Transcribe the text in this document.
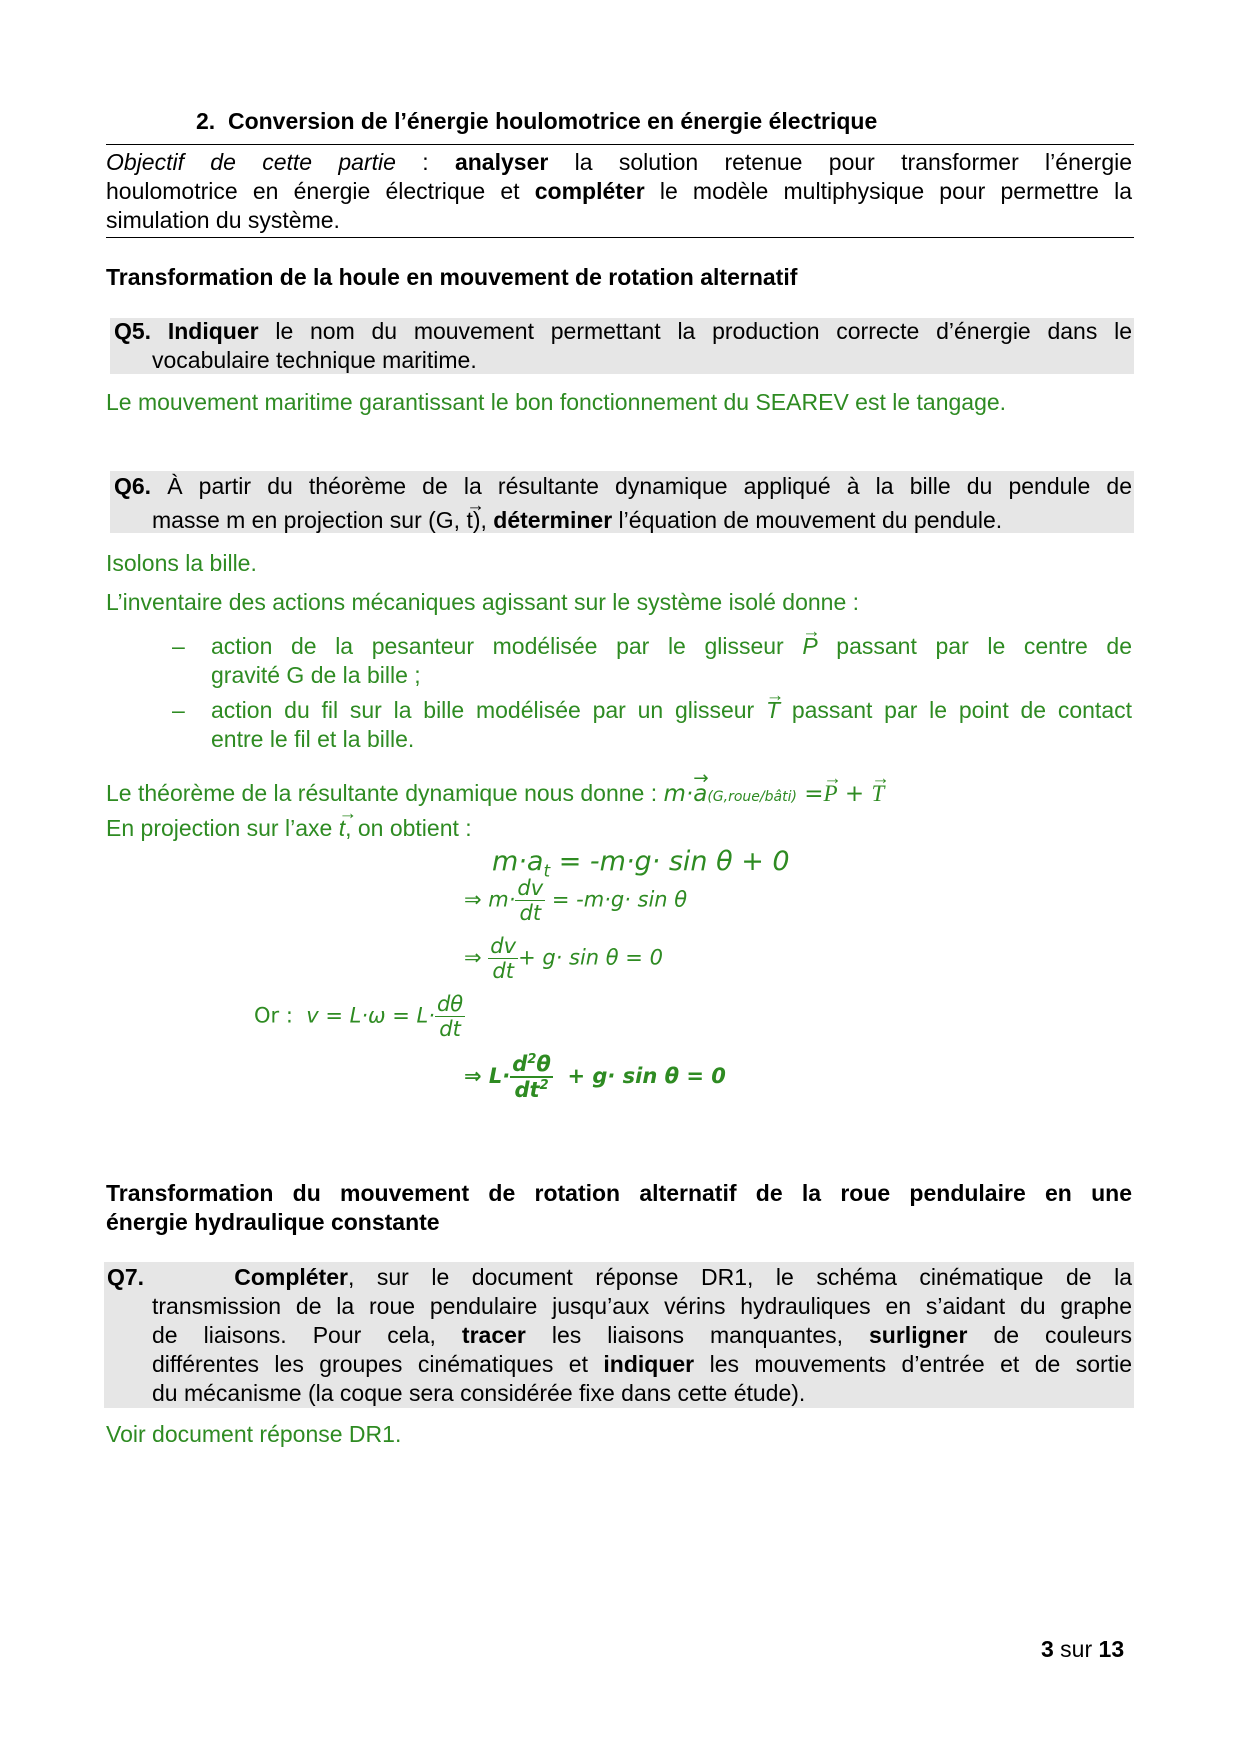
2. Conversion de l’énergie houlomotrice en énergie électrique
Objectif de cette partie : analyser la solution retenue pour transformer l’énergie
houlomotrice en énergie électrique et compléter le modèle multiphysique pour permettre la
simulation du système.
Transformation de la houle en mouvement de rotation alternatif
Q5. Indiquer le nom du mouvement permettant la production correcte d’énergie dans le
vocabulaire technique maritime.
Le mouvement maritime garantissant le bon fonctionnement du SEAREV est le tangage.
Q6. À partir du théorème de la résultante dynamique appliqué à la bille du pendule de
masse m en projection sur (G, → t), déterminer l’équation de mouvement du pendule.
Isolons la bille.
L’inventaire des actions mécaniques agissant sur le système isolé donne :
– action de la pesanteur modélisée par le glisseur → P passant par le centre de
gravité G de la bille ;
– action du fil sur la bille modélisée par un glisseur → T passant par le point de contact
entre le fil et la bille.
Le théorème de la résultante dynamique nous donne : m·→ a(G,roue/bâti) =→ P + → T
En projection sur l’axe → t, on obtient :
$m\cdot a_t = -m\cdot g\cdot \sin \theta + 0$
⇒ $m\cdot \frac{dv}{dt} = -m\cdot g\cdot \sin \theta$
⇒ $\frac{dv}{dt} + g\cdot \sin \theta = 0$
Or : $v = L\cdot\omega = L\cdot \frac{d\theta}{dt}$
⇒ $L\cdot \frac{d^2\theta}{dt^2} + g\cdot \sin \theta = 0$
Transformation du mouvement de rotation alternatif de la roue pendulaire en une
énergie hydraulique constante
Q7.	Compléter, sur le document réponse DR1, le schéma cinématique de la
transmission de la roue pendulaire jusqu’aux vérins hydrauliques en s’aidant du graphe
de liaisons. Pour cela, tracer les liaisons manquantes, surligner de couleurs
différentes les groupes cinématiques et indiquer les mouvements d’entrée et de sortie
du mécanisme (la coque sera considérée fixe dans cette étude).
Voir document réponse DR1.
3 sur 13
